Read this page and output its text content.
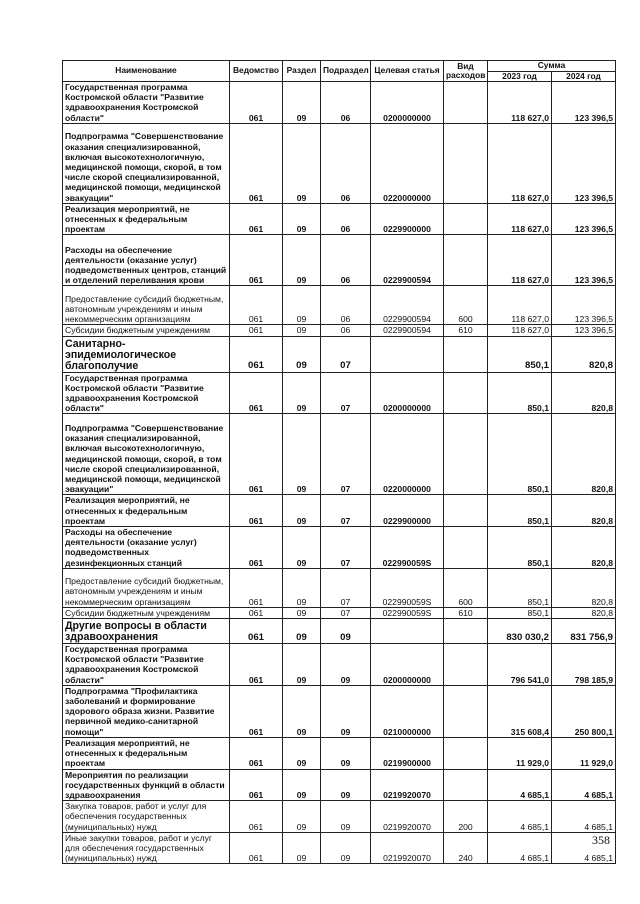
Наименование	Ведомство	Раздел	Подраздел	Целевая статья	Вид расходов	Сумма	
						2023 год	2024 год
Государственная программа Костромской области "Развитие здравоохранения Костромской области"	061	09	06	0200000000		118 627,0	123 396,5
Подпрограмма "Совершенствование оказания специализированной, включая высокотехнологичную, медицинской помощи, скорой, в том числе скорой специализированной, медицинской помощи, медицинской эвакуации"	061	09	06	0220000000		118 627,0	123 396,5
Реализация мероприятий, не отнесенных к федеральным проектам	061	09	06	0229900000		118 627,0	123 396,5
Расходы на обеспечение деятельности (оказание услуг) подведомственных центров, станций и отделений переливания крови	061	09	06	0229900594		118 627,0	123 396,5
Предоставление субсидий бюджетным, автономным учреждениям и иным некоммерческим организациям	061	09	06	0229900594	600	118 627,0	123 396,5
Субсидии бюджетным учреждениям	061	09	06	0229900594	610	118 627,0	123 396,5
Санитарно-эпидемиологическое благополучие	061	09	07			850,1	820,8
Государственная программа Костромской области "Развитие здравоохранения Костромской области"	061	09	07	0200000000		850,1	820,8
Подпрограмма "Совершенствование оказания специализированной, включая высокотехнологичную, медицинской помощи, скорой, в том числе скорой специализированной, медицинской помощи, медицинской эвакуации"	061	09	07	0220000000		850,1	820,8
Реализация мероприятий, не отнесенных к федеральным проектам	061	09	07	0229900000		850,1	820,8
Расходы на обеспечение деятельности (оказание услуг) подведомственных дезинфекционных станций	061	09	07	022990059S		850,1	820,8
Предоставление субсидий бюджетным, автономным учреждениям и иным некоммерческим организациям	061	09	07	022990059S	600	850,1	820,8
Субсидии бюджетным учреждениям	061	09	07	022990059S	610	850,1	820,8
Другие вопросы в области здравоохранения	061	09	09			830 030,2	831 756,9
Государственная программа Костромской области "Развитие здравоохранения Костромской области"	061	09	09	0200000000		796 541,0	798 185,9
Подпрограмма "Профилактика заболеваний и формирование здорового образа жизни. Развитие первичной медико-санитарной помощи"	061	09	09	0210000000		315 608,4	250 800,1
Реализация мероприятий, не отнесенных к федеральным проектам	061	09	09	0219900000		11 929,0	11 929,0
Мероприятия по реализации государственных функций в области здравоохранения	061	09	09	0219920070		4 685,1	4 685,1
Закупка товаров, работ и услуг для обеспечения государственных (муниципальных) нужд	061	09	09	0219920070	200	4 685,1	4 685,1
Иные закупки товаров, работ и услуг для обеспечения государственных (муниципальных) нужд	061	09	09	0219920070	240	4 685,1	4 685,1
358
